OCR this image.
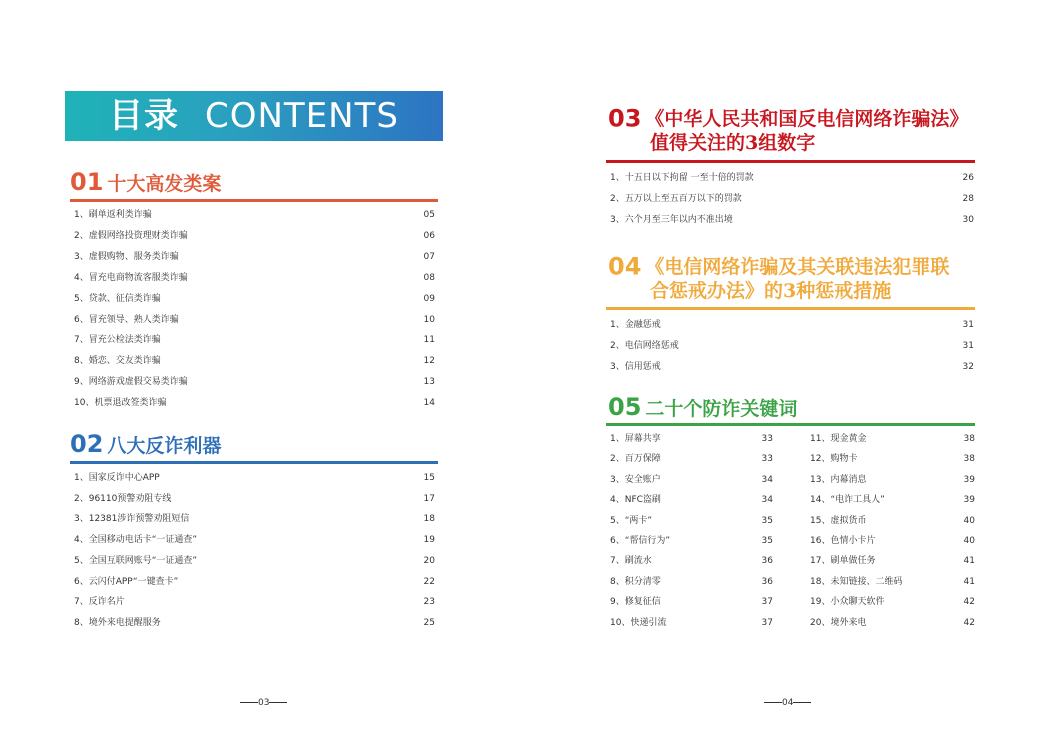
目录 CONTENTS
01 十大高发类案
1、刷单返利类诈骗	05
2、虚假网络投资理财类诈骗	06
3、虚假购物、服务类诈骗	07
4、冒充电商物流客服类诈骗	08
5、贷款、征信类诈骗	09
6、冒充领导、熟人类诈骗	10
7、冒充公检法类诈骗	11
8、婚恋、交友类诈骗	12
9、网络游戏虚假交易类诈骗	13
10、机票退改签类诈骗	14
02 八大反诈利器
1、国家反诈中心APP	15
2、96110预警劝阻专线	17
3、12381涉诈预警劝阻短信	18
4、全国移动电话卡“一证通查”	19
5、全国互联网账号“一证通查”	20
6、云闪付APP“一键查卡”	22
7、反诈名片	23
8、境外来电提醒服务	25
03
03 《中华人民共和国反电信网络诈骗法》
值得关注的3组数字
1、十五日以下拘留 一至十倍的罚款	26
2、五万以上至五百万以下的罚款	28
3、六个月至三年以内不准出境	30
04 《电信网络诈骗及其关联违法犯罪联
合惩戒办法》的3种惩戒措施
1、金融惩戒	31
2、电信网络惩戒	31
3、信用惩戒	32
05 二十个防诈关键词
1、屏幕共享	33
2、百万保障	33
3、安全账户	34
4、NFC盗刷	34
5、“两卡”	35
6、“帮信行为”	35
7、刷流水	36
8、积分清零	36
9、修复征信	37
10、快递引流	37
11、现金黄金	38
12、购物卡	38
13、内幕消息	39
14、“电诈工具人”	39
15、虚拟货币	40
16、色情小卡片	40
17、刷单做任务	41
18、未知链接、二维码	41
19、小众聊天软件	42
20、境外来电	42
04
